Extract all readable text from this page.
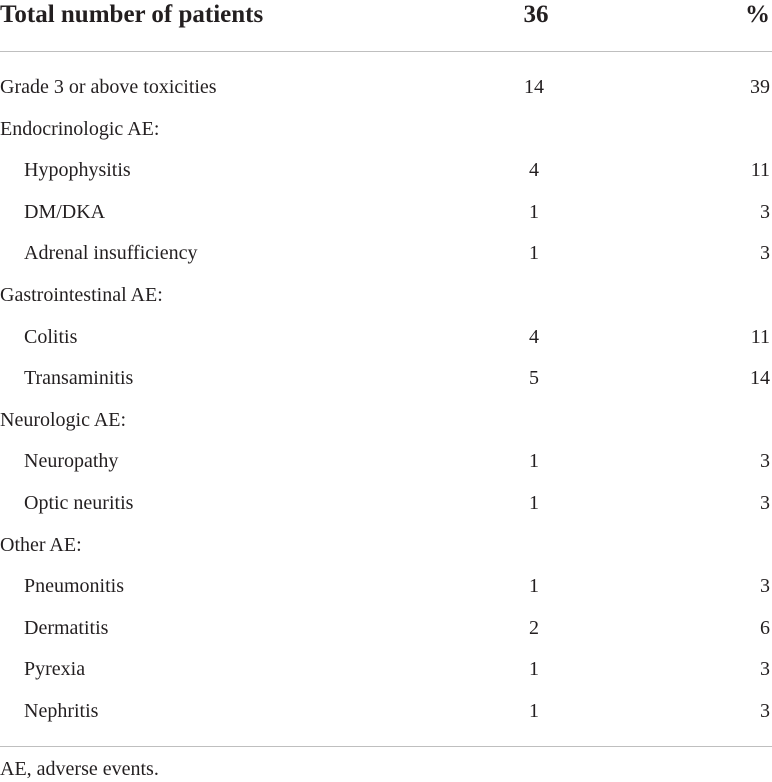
Total number of patients	36	%
Grade 3 or above toxicities	14	39
Endocrinologic AE:
Hypophysitis	4	11
DM/DKA	1	3
Adrenal insufficiency	1	3
Gastrointestinal AE:
Colitis	4	11
Transaminitis	5	14
Neurologic AE:
Neuropathy	1	3
Optic neuritis	1	3
Other AE:
Pneumonitis	1	3
Dermatitis	2	6
Pyrexia	1	3
Nephritis	1	3
AE, adverse events.
